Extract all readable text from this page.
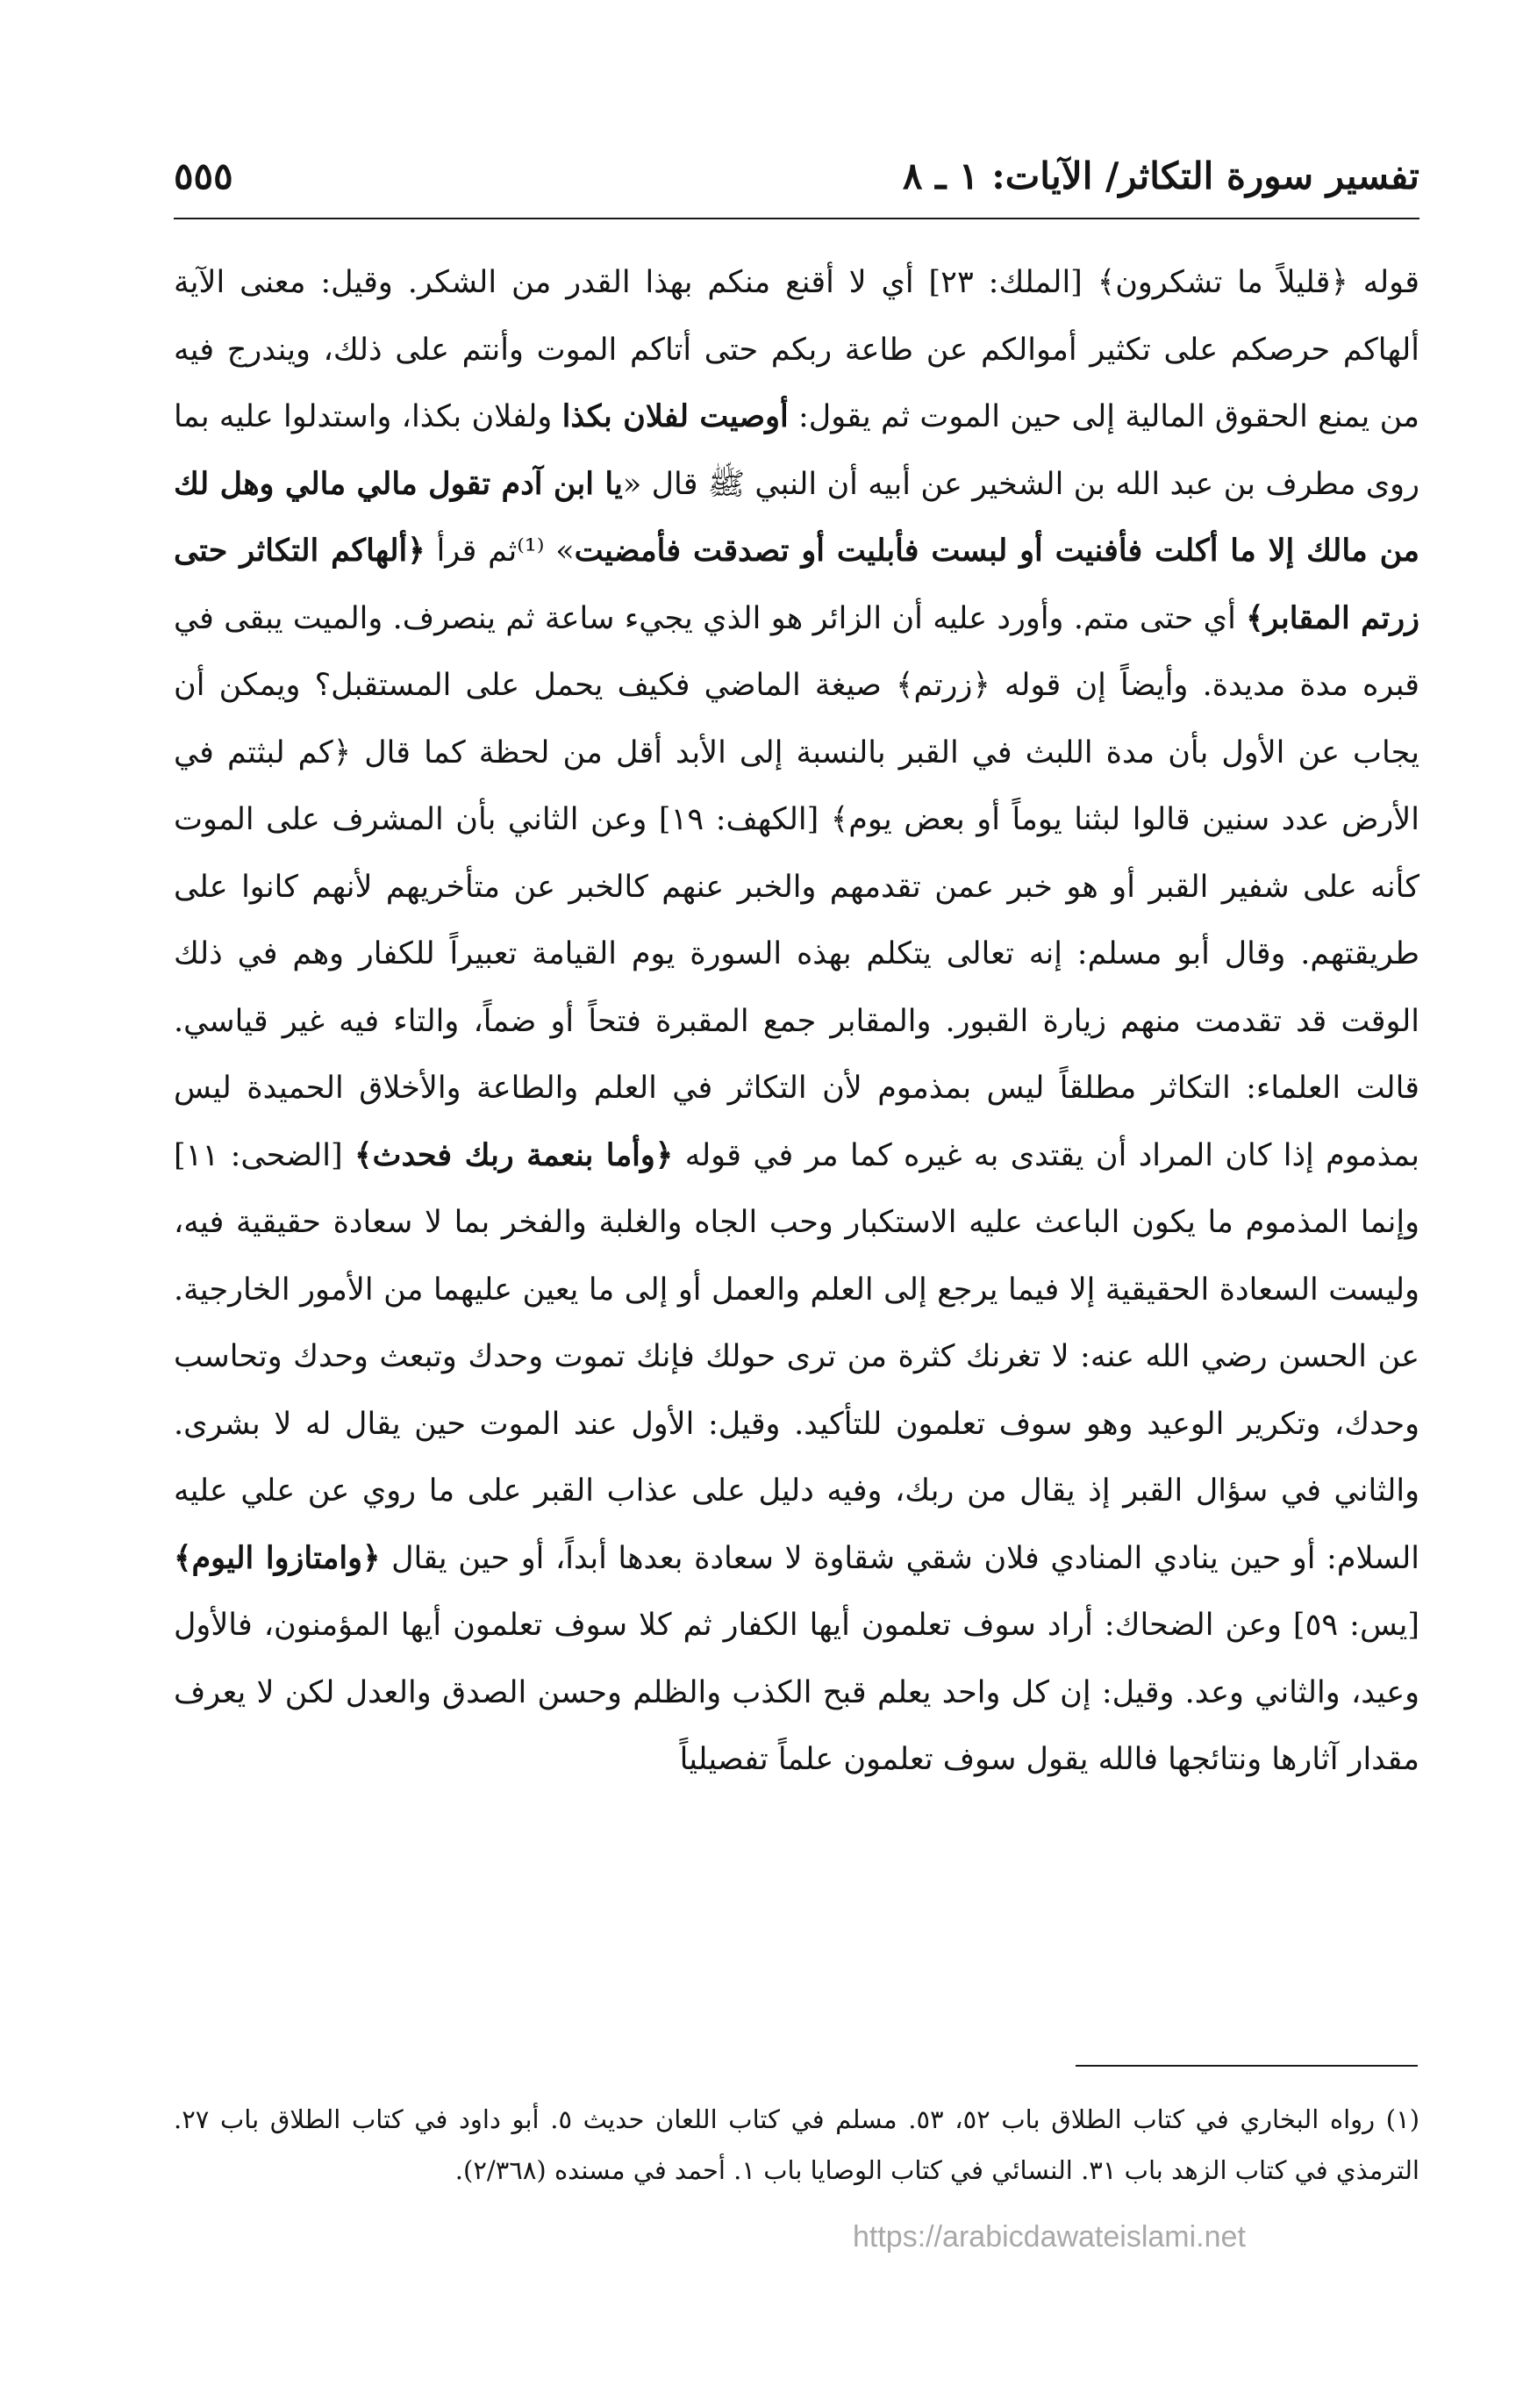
تفسير سورة التكاثر/ الآيات: ١ ـ ٨
٥٥٥

قوله ﴿قليلاً ما تشكرون﴾ [الملك: ٢٣] أي لا أقنع منكم بهذا القدر من الشكر. وقيل: معنى الآية ألهاكم حرصكم على تكثير أموالكم عن طاعة ربكم حتى أتاكم الموت وأنتم على ذلك، ويندرج فيه من يمنع الحقوق المالية إلى حين الموت ثم يقول: أوصيت لفلان بكذا ولفلان بكذا، واستدلوا عليه بما روى مطرف بن عبد الله بن الشخير عن أبيه أن النبي ﷺ قال «يا ابن آدم تقول مالي مالي وهل لك من مالك إلا ما أكلت فأفنيت أو لبست فأبليت أو تصدقت فأمضيت» ⁽¹⁾ثم قرأ ﴿ألهاكم التكاثر حتى زرتم المقابر﴾ أي حتى متم. وأورد عليه أن الزائر هو الذي يجيء ساعة ثم ينصرف. والميت يبقى في قبره مدة مديدة. وأيضاً إن قوله ﴿زرتم﴾ صيغة الماضي فكيف يحمل على المستقبل؟ ويمكن أن يجاب عن الأول بأن مدة اللبث في القبر بالنسبة إلى الأبد أقل من لحظة كما قال ﴿كم لبثتم في الأرض عدد سنين قالوا لبثنا يوماً أو بعض يوم﴾ [الكهف: ١٩] وعن الثاني بأن المشرف على الموت كأنه على شفير القبر أو هو خبر عمن تقدمهم والخبر عنهم كالخبر عن متأخريهم لأنهم كانوا على طريقتهم. وقال أبو مسلم: إنه تعالى يتكلم بهذه السورة يوم القيامة تعبيراً للكفار وهم في ذلك الوقت قد تقدمت منهم زيارة القبور. والمقابر جمع المقبرة فتحاً أو ضماً، والتاء فيه غير قياسي. قالت العلماء: التكاثر مطلقاً ليس بمذموم لأن التكاثر في العلم والطاعة والأخلاق الحميدة ليس بمذموم إذا كان المراد أن يقتدى به غيره كما مر في قوله ﴿وأما بنعمة ربك فحدث﴾ [الضحى: ١١] وإنما المذموم ما يكون الباعث عليه الاستكبار وحب الجاه والغلبة والفخر بما لا سعادة حقيقية فيه، وليست السعادة الحقيقية إلا فيما يرجع إلى العلم والعمل أو إلى ما يعين عليهما من الأمور الخارجية. عن الحسن رضي الله عنه: لا تغرنك كثرة من ترى حولك فإنك تموت وحدك وتبعث وحدك وتحاسب وحدك، وتكرير الوعيد وهو سوف تعلمون للتأكيد. وقيل: الأول عند الموت حين يقال له لا بشرى. والثاني في سؤال القبر إذ يقال من ربك، وفيه دليل على عذاب القبر على ما روي عن علي عليه السلام: أو حين ينادي المنادي فلان شقي شقاوة لا سعادة بعدها أبداً، أو حين يقال ﴿وامتازوا اليوم﴾ [يس: ٥٩] وعن الضحاك: أراد سوف تعلمون أيها الكفار ثم كلا سوف تعلمون أيها المؤمنون، فالأول وعيد، والثاني وعد. وقيل: إن كل واحد يعلم قبح الكذب والظلم وحسن الصدق والعدل لكن لا يعرف مقدار آثارها ونتائجها فالله يقول سوف تعلمون علماً تفصيلياً

(١) رواه البخاري في كتاب الطلاق باب ٥٢، ٥٣. مسلم في كتاب اللعان حديث ٥. أبو داود في كتاب الطلاق باب ٢٧. الترمذي في كتاب الزهد باب ٣١. النسائي في كتاب الوصايا باب ١. أحمد في مسنده (٢/٣٦٨).
https://arabicdawateislami.net
